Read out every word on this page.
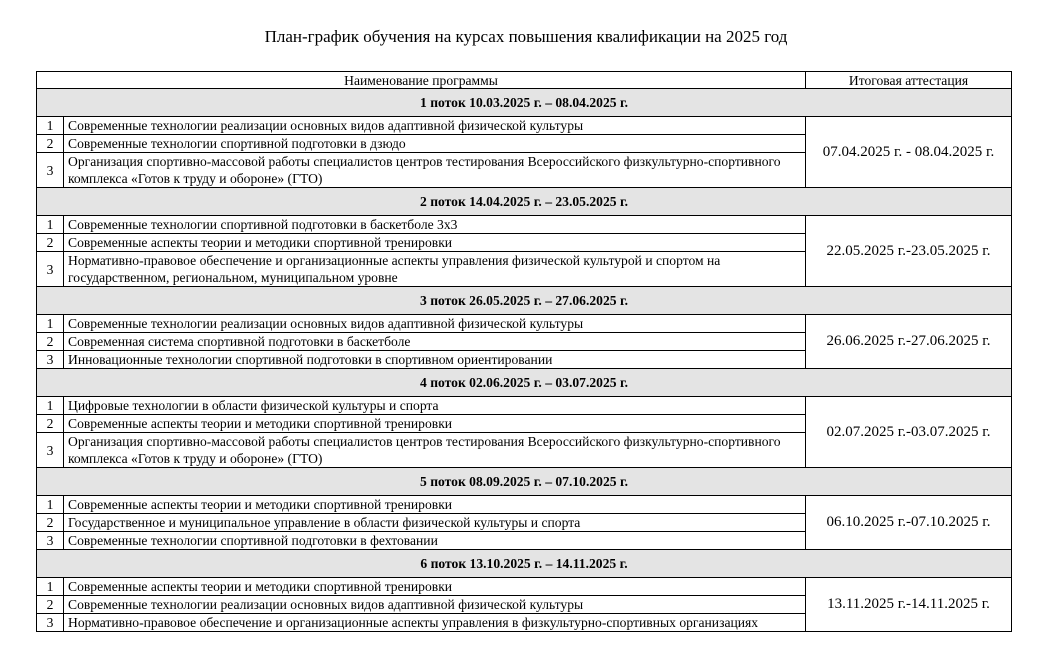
План-график обучения на курсах повышения квалификации на 2025 год
Наименование программы		Итоговая аттестация
1 поток 10.03.2025 г. – 08.04.2025 г.		
1	Современные технологии реализации основных видов адаптивной физической культуры	07.04.2025 г. - 08.04.2025 г.
2	Современные технологии спортивной подготовки в дзюдо	
3	Организация спортивно-массовой работы специалистов центров тестирования Всероссийского физкультурно-спортивного комплекса «Готов к труду и обороне» (ГТО)	
2 поток 14.04.2025 г. – 23.05.2025 г.		
1	Современные технологии спортивной подготовки в баскетболе 3х3	22.05.2025 г.-23.05.2025 г.
2	Современные аспекты теории и методики спортивной тренировки	
3	Нормативно-правовое обеспечение и организационные аспекты управления физической культурой и спортом на государственном, региональном, муниципальном уровне	
3 поток 26.05.2025 г. – 27.06.2025 г.		
1	Современные технологии реализации основных видов адаптивной физической культуры	26.06.2025 г.-27.06.2025 г.
2	Современная система спортивной подготовки в баскетболе	
3	Инновационные технологии спортивной подготовки в спортивном ориентировании	
4 поток 02.06.2025 г. – 03.07.2025 г.		
1	Цифровые технологии в области физической культуры и спорта	02.07.2025 г.-03.07.2025 г.
2	Современные аспекты теории и методики спортивной тренировки	
3	Организация спортивно-массовой работы специалистов центров тестирования Всероссийского физкультурно-спортивного комплекса «Готов к труду и обороне» (ГТО)	
5 поток 08.09.2025 г. – 07.10.2025 г.		
1	Современные аспекты теории и методики спортивной тренировки	06.10.2025 г.-07.10.2025 г.
2	Государственное и муниципальное управление в области физической культуры и спорта	
3	Современные технологии спортивной подготовки в фехтовании	
6 поток 13.10.2025 г. – 14.11.2025 г.		
1	Современные аспекты теории и методики спортивной тренировки	13.11.2025 г.-14.11.2025 г.
2	Современные технологии реализации основных видов адаптивной физической культуры	
3	Нормативно-правовое обеспечение и организационные аспекты управления в физкультурно-спортивных организациях	
